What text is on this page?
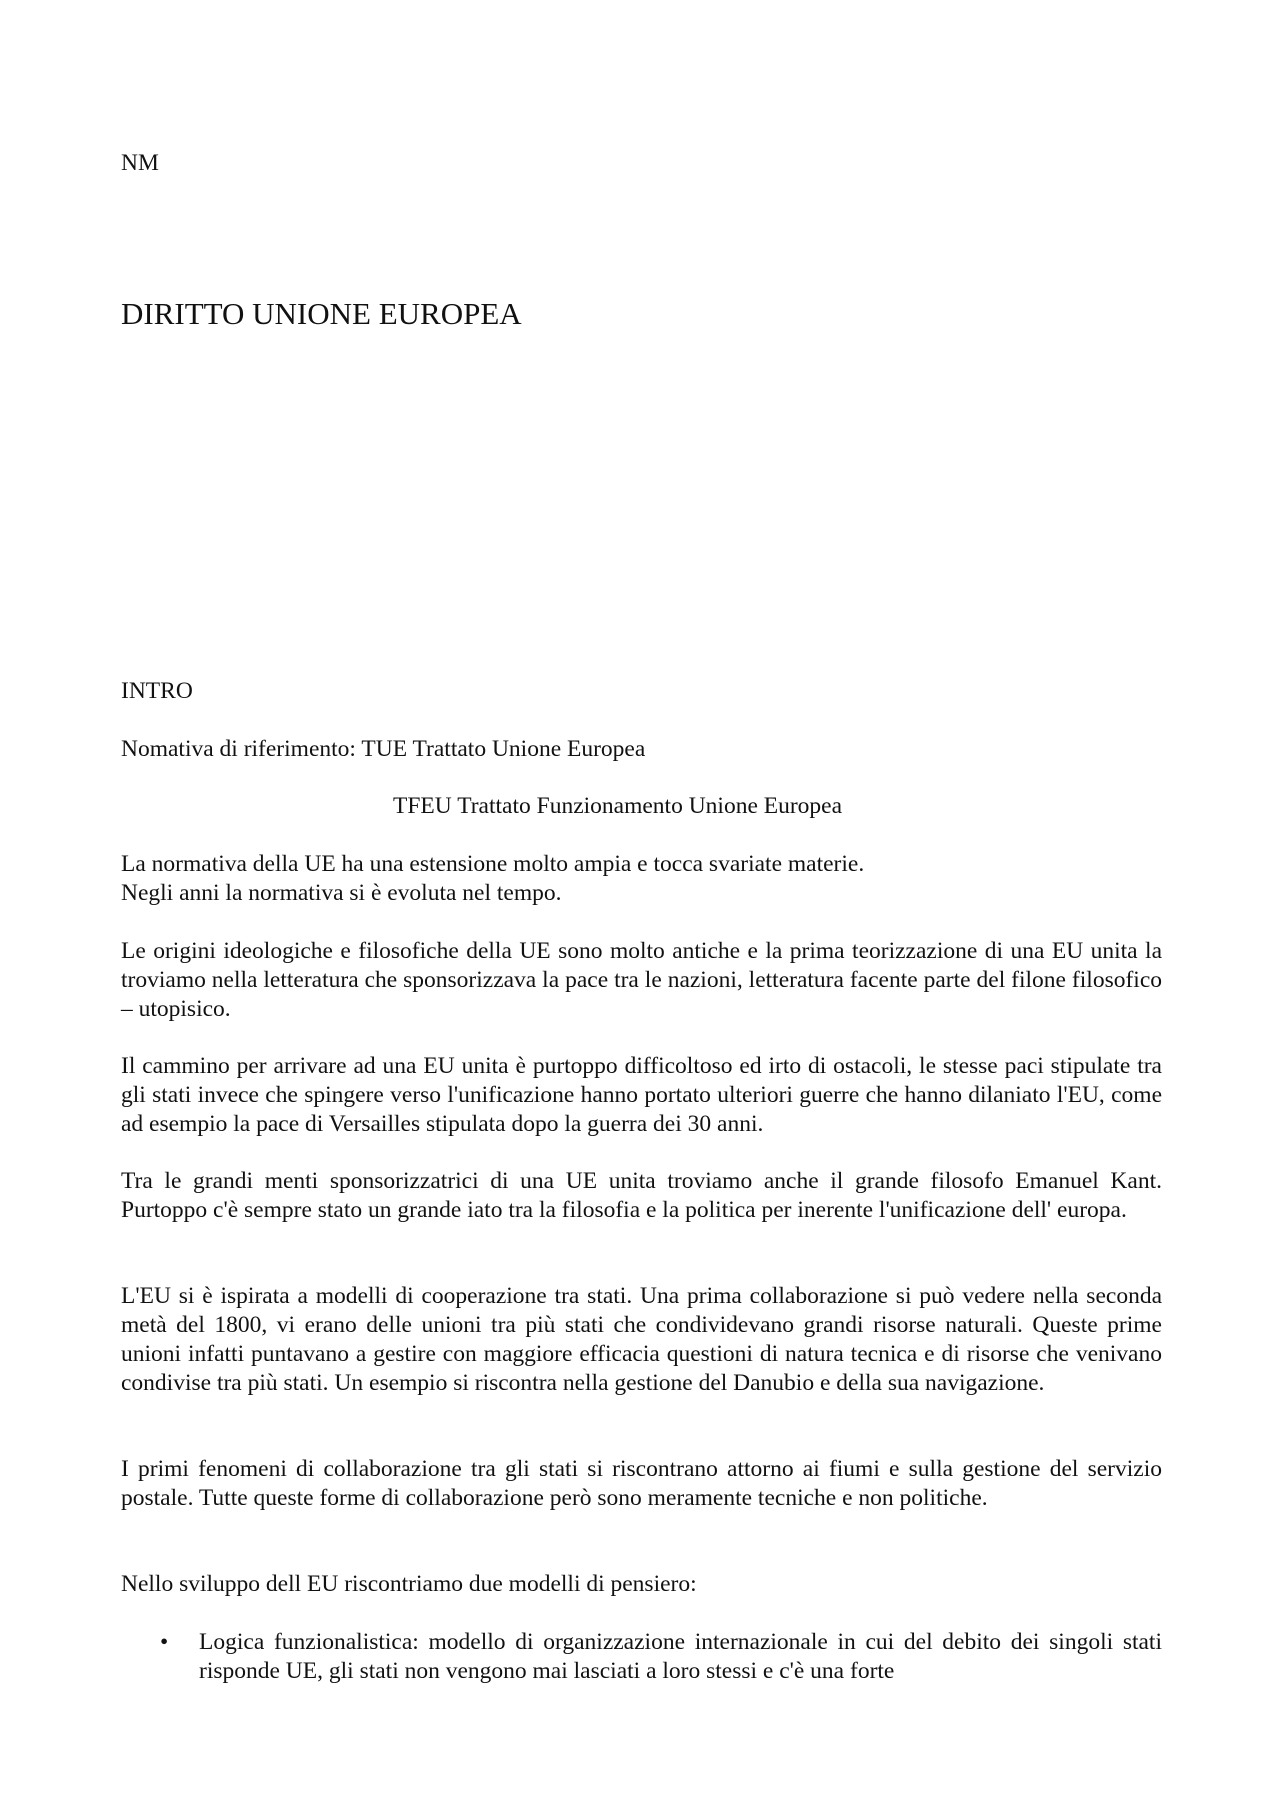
NM
DIRITTO UNIONE EUROPEA
INTRO
Nomativa di riferimento: TUE Trattato Unione Europea
TFEU Trattato Funzionamento Unione Europea
La normativa della UE ha una estensione molto ampia e tocca svariate materie.
Negli anni la normativa si è evoluta nel tempo.
Le origini ideologiche e filosofiche della UE sono molto antiche e la prima teorizzazione di una EU unita la troviamo nella letteratura che sponsorizzava la pace tra le nazioni, letteratura facente parte del filone filosofico – utopisico.
Il cammino per arrivare ad una EU unita è purtoppo difficoltoso ed irto di ostacoli, le stesse paci stipulate tra gli stati invece che spingere verso l'unificazione hanno portato ulteriori guerre che hanno dilaniato l'EU, come ad esempio la pace di Versailles stipulata dopo la guerra dei 30 anni.
Tra le grandi menti sponsorizzatrici di una UE unita troviamo anche il grande filosofo Emanuel Kant. Purtoppo c'è sempre stato un grande iato tra la filosofia e la politica per inerente l'unificazione dell' europa.
L'EU si è ispirata a modelli di cooperazione tra stati. Una prima collaborazione si può vedere nella seconda metà del 1800, vi erano delle unioni tra più stati che condividevano grandi risorse naturali. Queste prime unioni infatti puntavano a gestire con maggiore efficacia questioni di natura tecnica e di risorse che venivano condivise tra più stati. Un esempio si riscontra nella gestione del Danubio e della sua navigazione.
I primi fenomeni di collaborazione tra gli stati si riscontrano attorno ai fiumi e sulla gestione del servizio postale. Tutte queste forme di collaborazione però sono meramente tecniche e non politiche.
Nello sviluppo dell EU riscontriamo due modelli di pensiero:
• Logica funzionalistica: modello di organizzazione internazionale in cui del debito dei singoli stati risponde UE, gli stati non vengono mai lasciati a loro stessi e c'è una forte
